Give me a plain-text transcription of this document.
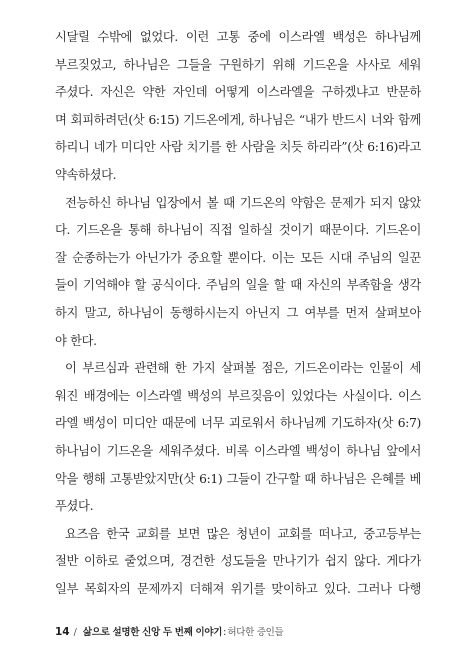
시달릴 수밖에 없었다. 이런 고통 중에 이스라엘 백성은 하나님께
부르짖었고, 하나님은 그들을 구원하기 위해 기드온을 사사로 세워
주셨다. 자신은 약한 자인데 어떻게 이스라엘을 구하겠냐고 반문하
며 회피하려던(삿 6:15) 기드온에게, 하나님은 “내가 반드시 너와 함께
하리니 네가 미디안 사람 치기를 한 사람을 치듯 하리라”(삿 6:16)라고
약속하셨다.
전능하신 하나님 입장에서 볼 때 기드온의 약함은 문제가 되지 않았
다. 기드온을 통해 하나님이 직접 일하실 것이기 때문이다. 기드온이
잘 순종하는가 아닌가가 중요할 뿐이다. 이는 모든 시대 주님의 일꾼
들이 기억해야 할 공식이다. 주님의 일을 할 때 자신의 부족함을 생각
하지 말고, 하나님이 동행하시는지 아닌지 그 여부를 먼저 살펴보아
야 한다.
이 부르심과 관련해 한 가지 살펴볼 점은, 기드온이라는 인물이 세
워진 배경에는 이스라엘 백성의 부르짖음이 있었다는 사실이다. 이스
라엘 백성이 미디안 때문에 너무 괴로워서 하나님께 기도하자(삿 6:7)
하나님이 기드온을 세워주셨다. 비록 이스라엘 백성이 하나님 앞에서
악을 행해 고통받았지만(삿 6:1) 그들이 간구할 때 하나님은 은혜를 베
푸셨다.
요즈음 한국 교회를 보면 많은 청년이 교회를 떠나고, 중고등부는
절반 이하로 줄었으며, 경건한 성도들을 만나기가 쉽지 않다. 게다가
일부 목회자의 문제까지 더해져 위기를 맞이하고 있다. 그러나 다행
14 / 삶으로 설명한 신앙 두 번째 이야기:허다한 증인들
